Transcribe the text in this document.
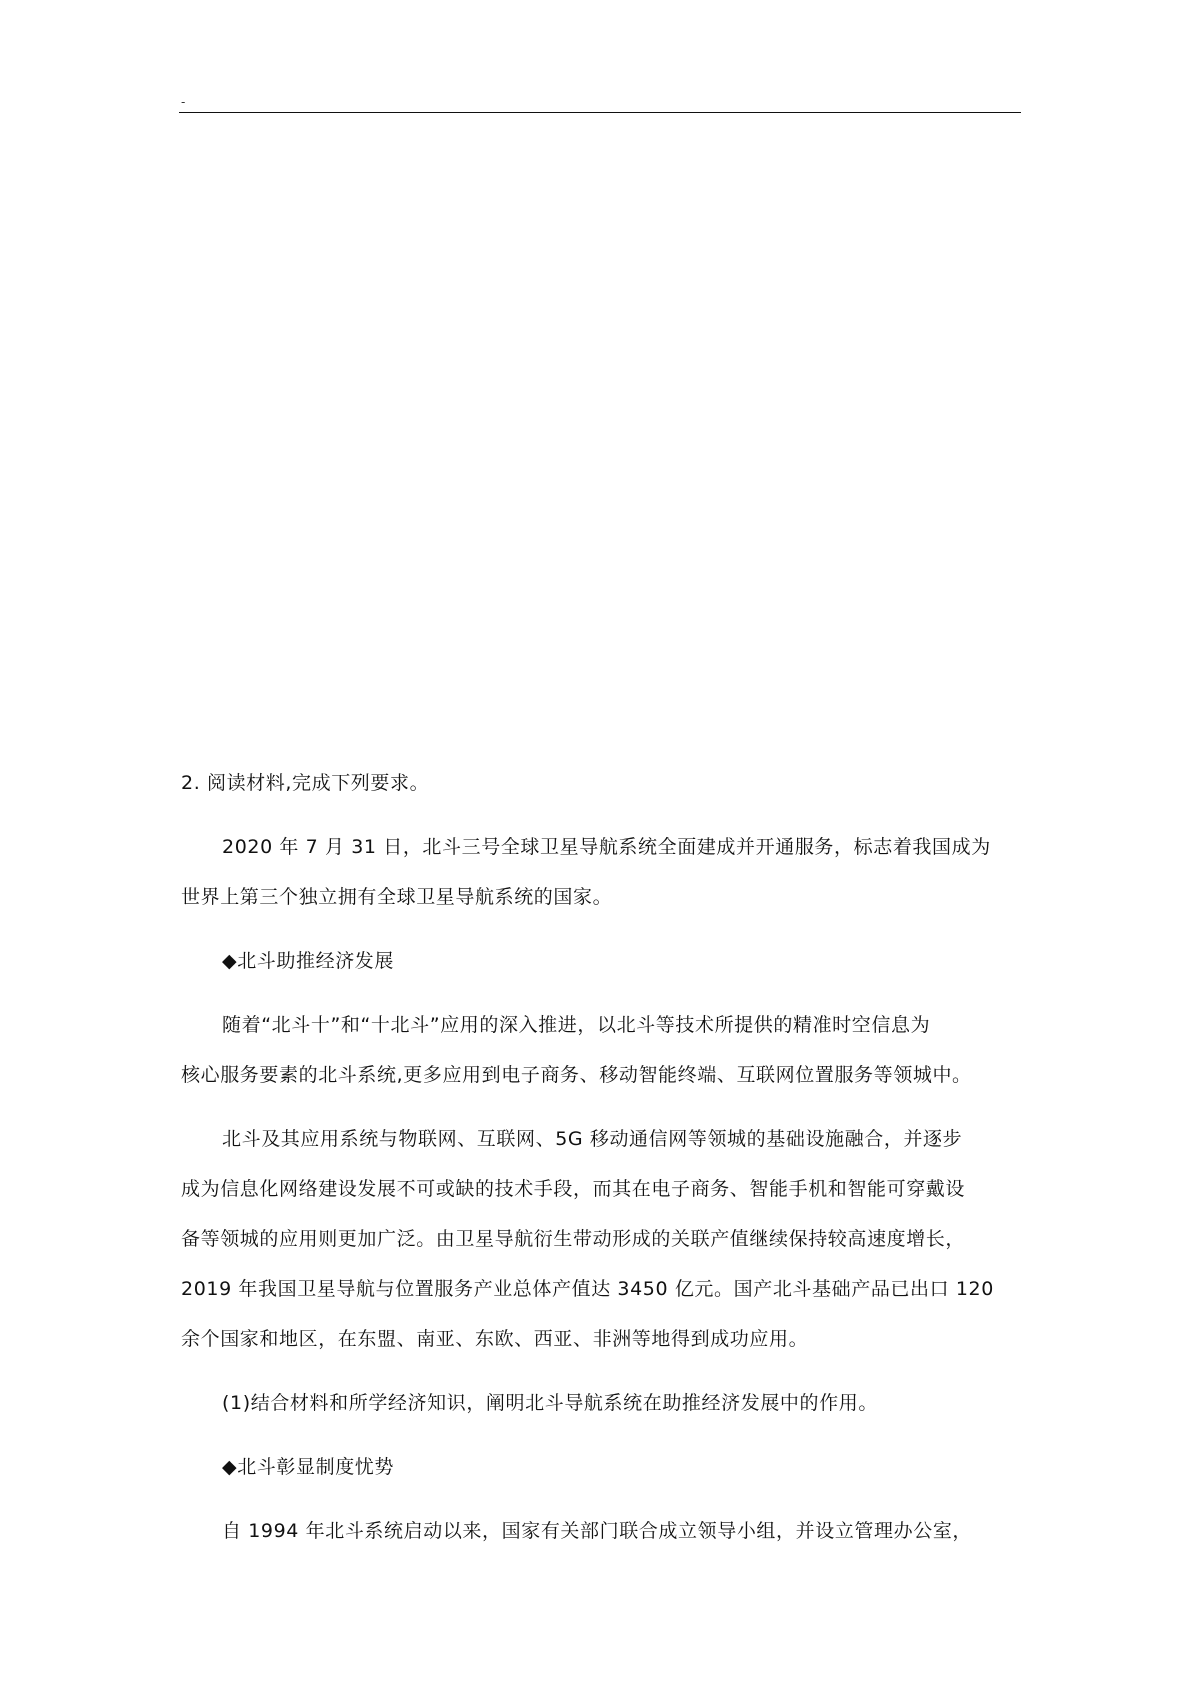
-

2. 阅读材料,完成下列要求。

2020 年 7 月 31 日，北斗三号全球卫星导航系统全面建成并开通服务，标志着我国成为
世界上第三个独立拥有全球卫星导航系统的国家。

◆北斗助推经济发展

随着“北斗十”和“十北斗”应用的深入推进，以北斗等技术所提供的精准时空信息为
核心服务要素的北斗系统,更多应用到电子商务、移动智能终端、互联网位置服务等领城中。

北斗及其应用系统与物联网、互联网、5G 移动通信网等领城的基础设施融合，并逐步
成为信息化网络建设发展不可或缺的技术手段，而其在电子商务、智能手机和智能可穿戴设
备等领城的应用则更加广泛。由卫星导航衍生带动形成的关联产值继续保持较高速度增长，
2019 年我国卫星导航与位置服务产业总体产值达 3450 亿元。国产北斗基础产品已出口 120
余个国家和地区，在东盟、南亚、东欧、西亚、非洲等地得到成功应用。

(1)结合材料和所学经济知识，阐明北斗导航系统在助推经济发展中的作用。

◆北斗彰显制度忧势

自 1994 年北斗系统启动以来，国家有关部门联合成立领导小组，并设立管理办公室，
